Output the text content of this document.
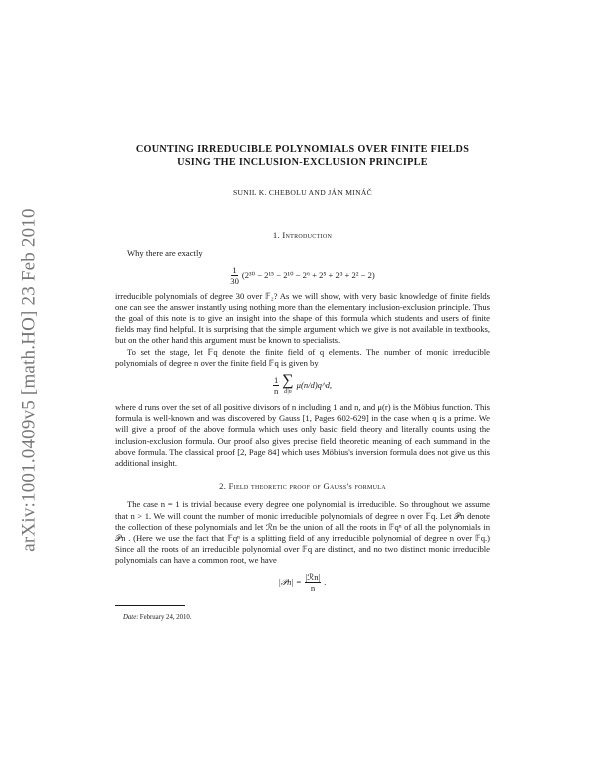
arXiv:1001.0409v5 [math.HO] 23 Feb 2010
COUNTING IRREDUCIBLE POLYNOMIALS OVER FINITE FIELDS
USING THE INCLUSION-EXCLUSION PRINCIPLE
SUNIL K. CHEBOLU AND JÁN MINÁČ
1. Introduction

Why there are exactly

$\frac{1}{30} (2^{30} - 2^{15} - 2^{10} - 2^6 + 2^5 + 2^3 + 2^2 - 2)$

irreducible polynomials of degree 30 over 𝔽₂? As we will show, with very basic knowledge of finite fields one can see the answer instantly using nothing more than the elementary inclusion-exclusion principle. Thus the goal of this note is to give an insight into the shape of this formula which students and users of finite fields may find helpful. It is surprising that the simple argument which we give is not available in textbooks, but on the other hand this argument must be known to specialists.

To set the stage, let 𝔽q denote the finite field of q elements. The number of monic irreducible polynomials of degree n over the finite field 𝔽q is given by

$\frac{1}{n}$ ∑
d|n
μ(n/d)q^d,

where d runs over the set of all positive divisors of n including 1 and n, and μ(r) is the Möbius function. This formula is well-known and was discovered by Gauss [1, Pages 602-629] in the case when q is a prime. We will give a proof of the above formula which uses only basic field theory and literally counts using the inclusion-exclusion formula. Our proof also gives precise field theoretic meaning of each summand in the above formula. The classical proof [2, Page 84] which uses Möbius's inversion formula does not give us this additional insight.

2. Field theoretic proof of Gauss's formula

The case n = 1 is trivial because every degree one polynomial is irreducible. So throughout we assume that n > 1. We will count the number of monic irreducible polynomials of degree n over 𝔽q. Let 𝒫n denote the collection of these polynomials and let ℛn be the union of all the roots in 𝔽qⁿ of all the polynomials in 𝒫n . (Here we use the fact that 𝔽qⁿ is a splitting field of any irreducible polynomial of degree n over 𝔽q.) Since all the roots of an irreducible polynomial over 𝔽q are distinct, and no two distinct monic irreducible polynomials can have a common root, we have

|𝒫n| = $\frac{\text{|ℛn|}}{n}$ .

Date: February 24, 2010.
